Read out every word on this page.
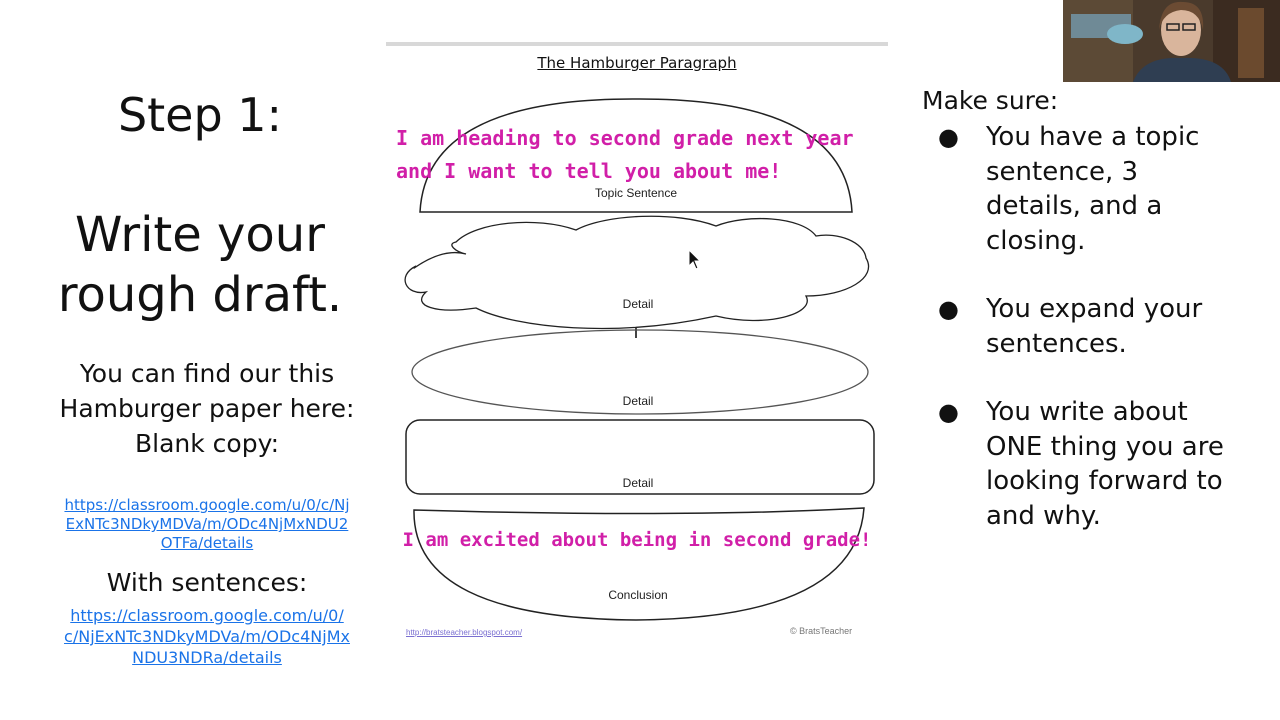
Step 1:
Write your rough draft.
You can find our this Hamburger paper here:
Blank copy:
https://classroom.google.com/u/0/c/NjExNTc3NDkyMDVa/m/ODc4NjMxNDU2OTFa/details
With sentences:
https://classroom.google.com/u/0/c/NjExNTc3NDkyMDVa/m/ODc4NjMxNDU3NDRa/details
The Hamburger Paragraph
I am heading to second grade next year and I want to tell you about me!
Topic Sentence
Detail
Detail
Detail
I am excited about being in second grade!
Conclusion
http://bratsteacher.blogspot.com/	© BratsTeacher
Make sure:
● You have a topic sentence, 3 details, and a closing.
● You expand your sentences.
● You write about ONE thing you are looking forward to and why.
